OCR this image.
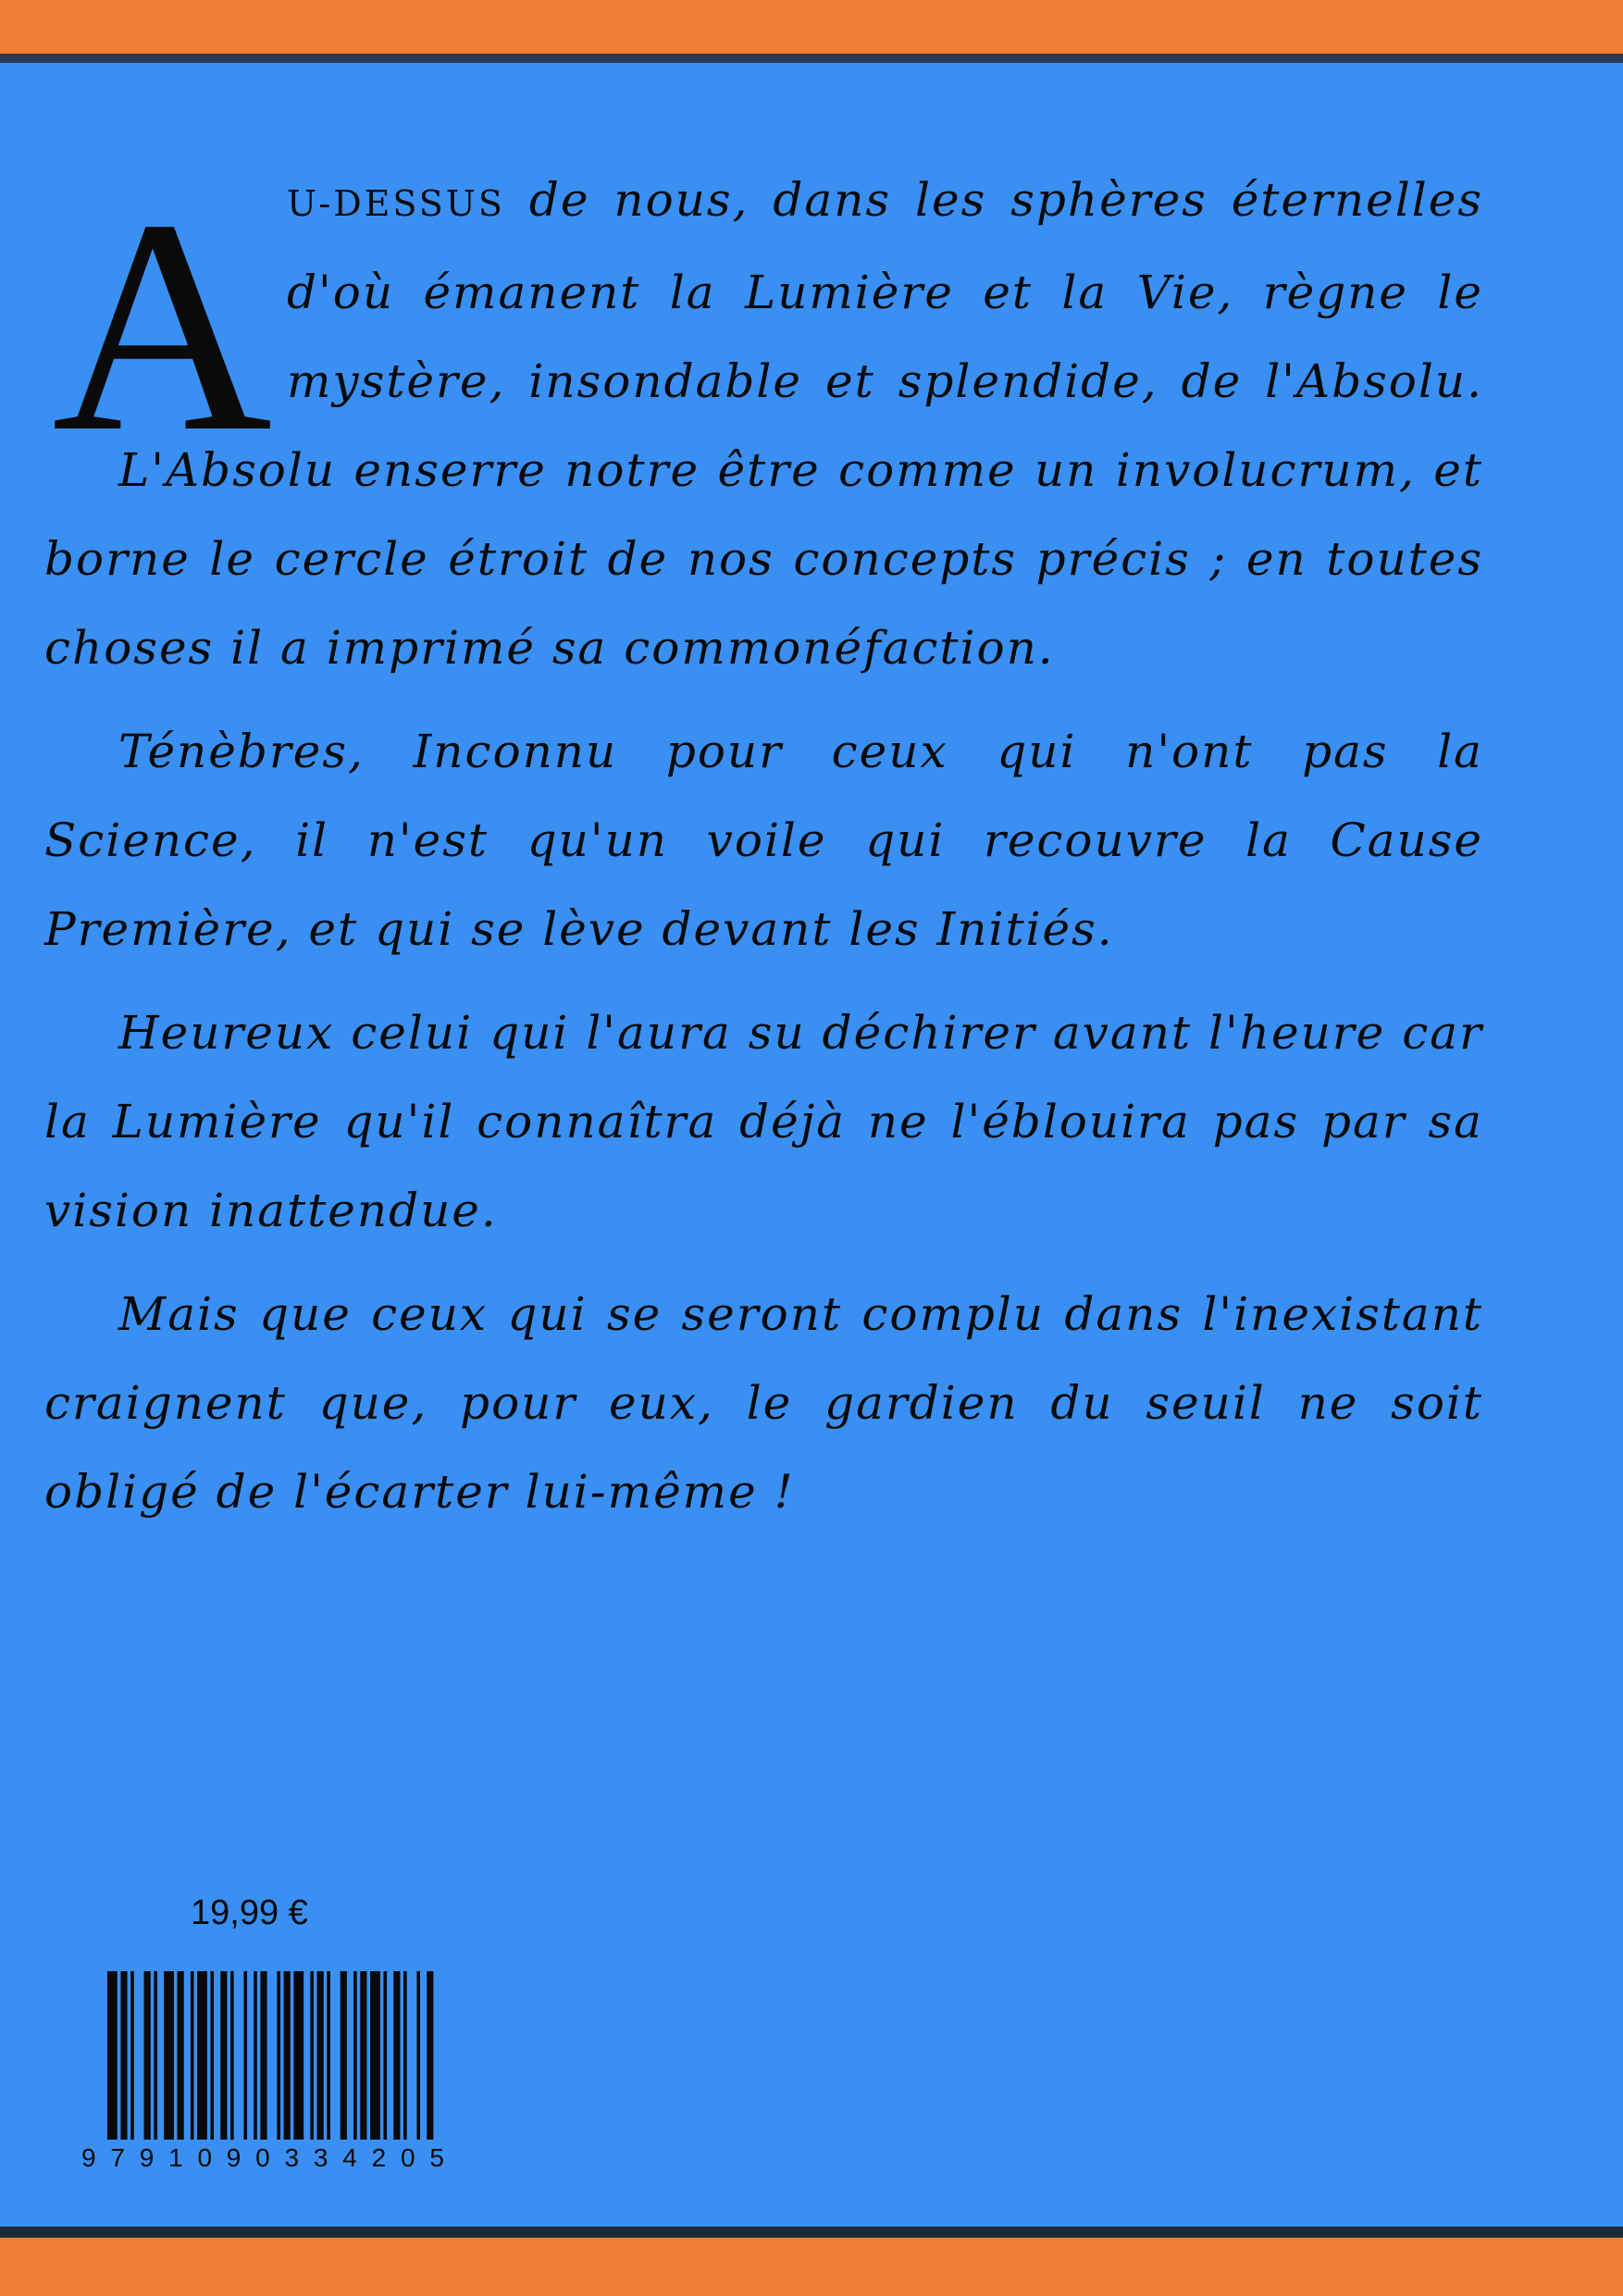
A U-DESSUS de nous, dans les sphères éternelles
d'où émanent la Lumière et la Vie, règne le
mystère, insondable et splendide, de l'Absolu.

L'Absolu enserre notre être comme un involucrum, et borne le cercle étroit de nos concepts précis ; en toutes choses il a imprimé sa commonéfaction.

Ténèbres, Inconnu pour ceux qui n'ont pas la Science, il n'est qu'un voile qui recouvre la Cause Première, et qui se lève devant les Initiés.

Heureux celui qui l'aura su déchirer avant l'heure car la Lumière qu'il connaîtra déjà ne l'éblouira pas par sa vision inattendue.

Mais que ceux qui se seront complu dans l'inexistant craignent que, pour eux, le gardien du seuil ne soit obligé de l'écarter lui-même !

19,99 €
9 7 9 1 0 9 0 3 3 4 2 0 5
